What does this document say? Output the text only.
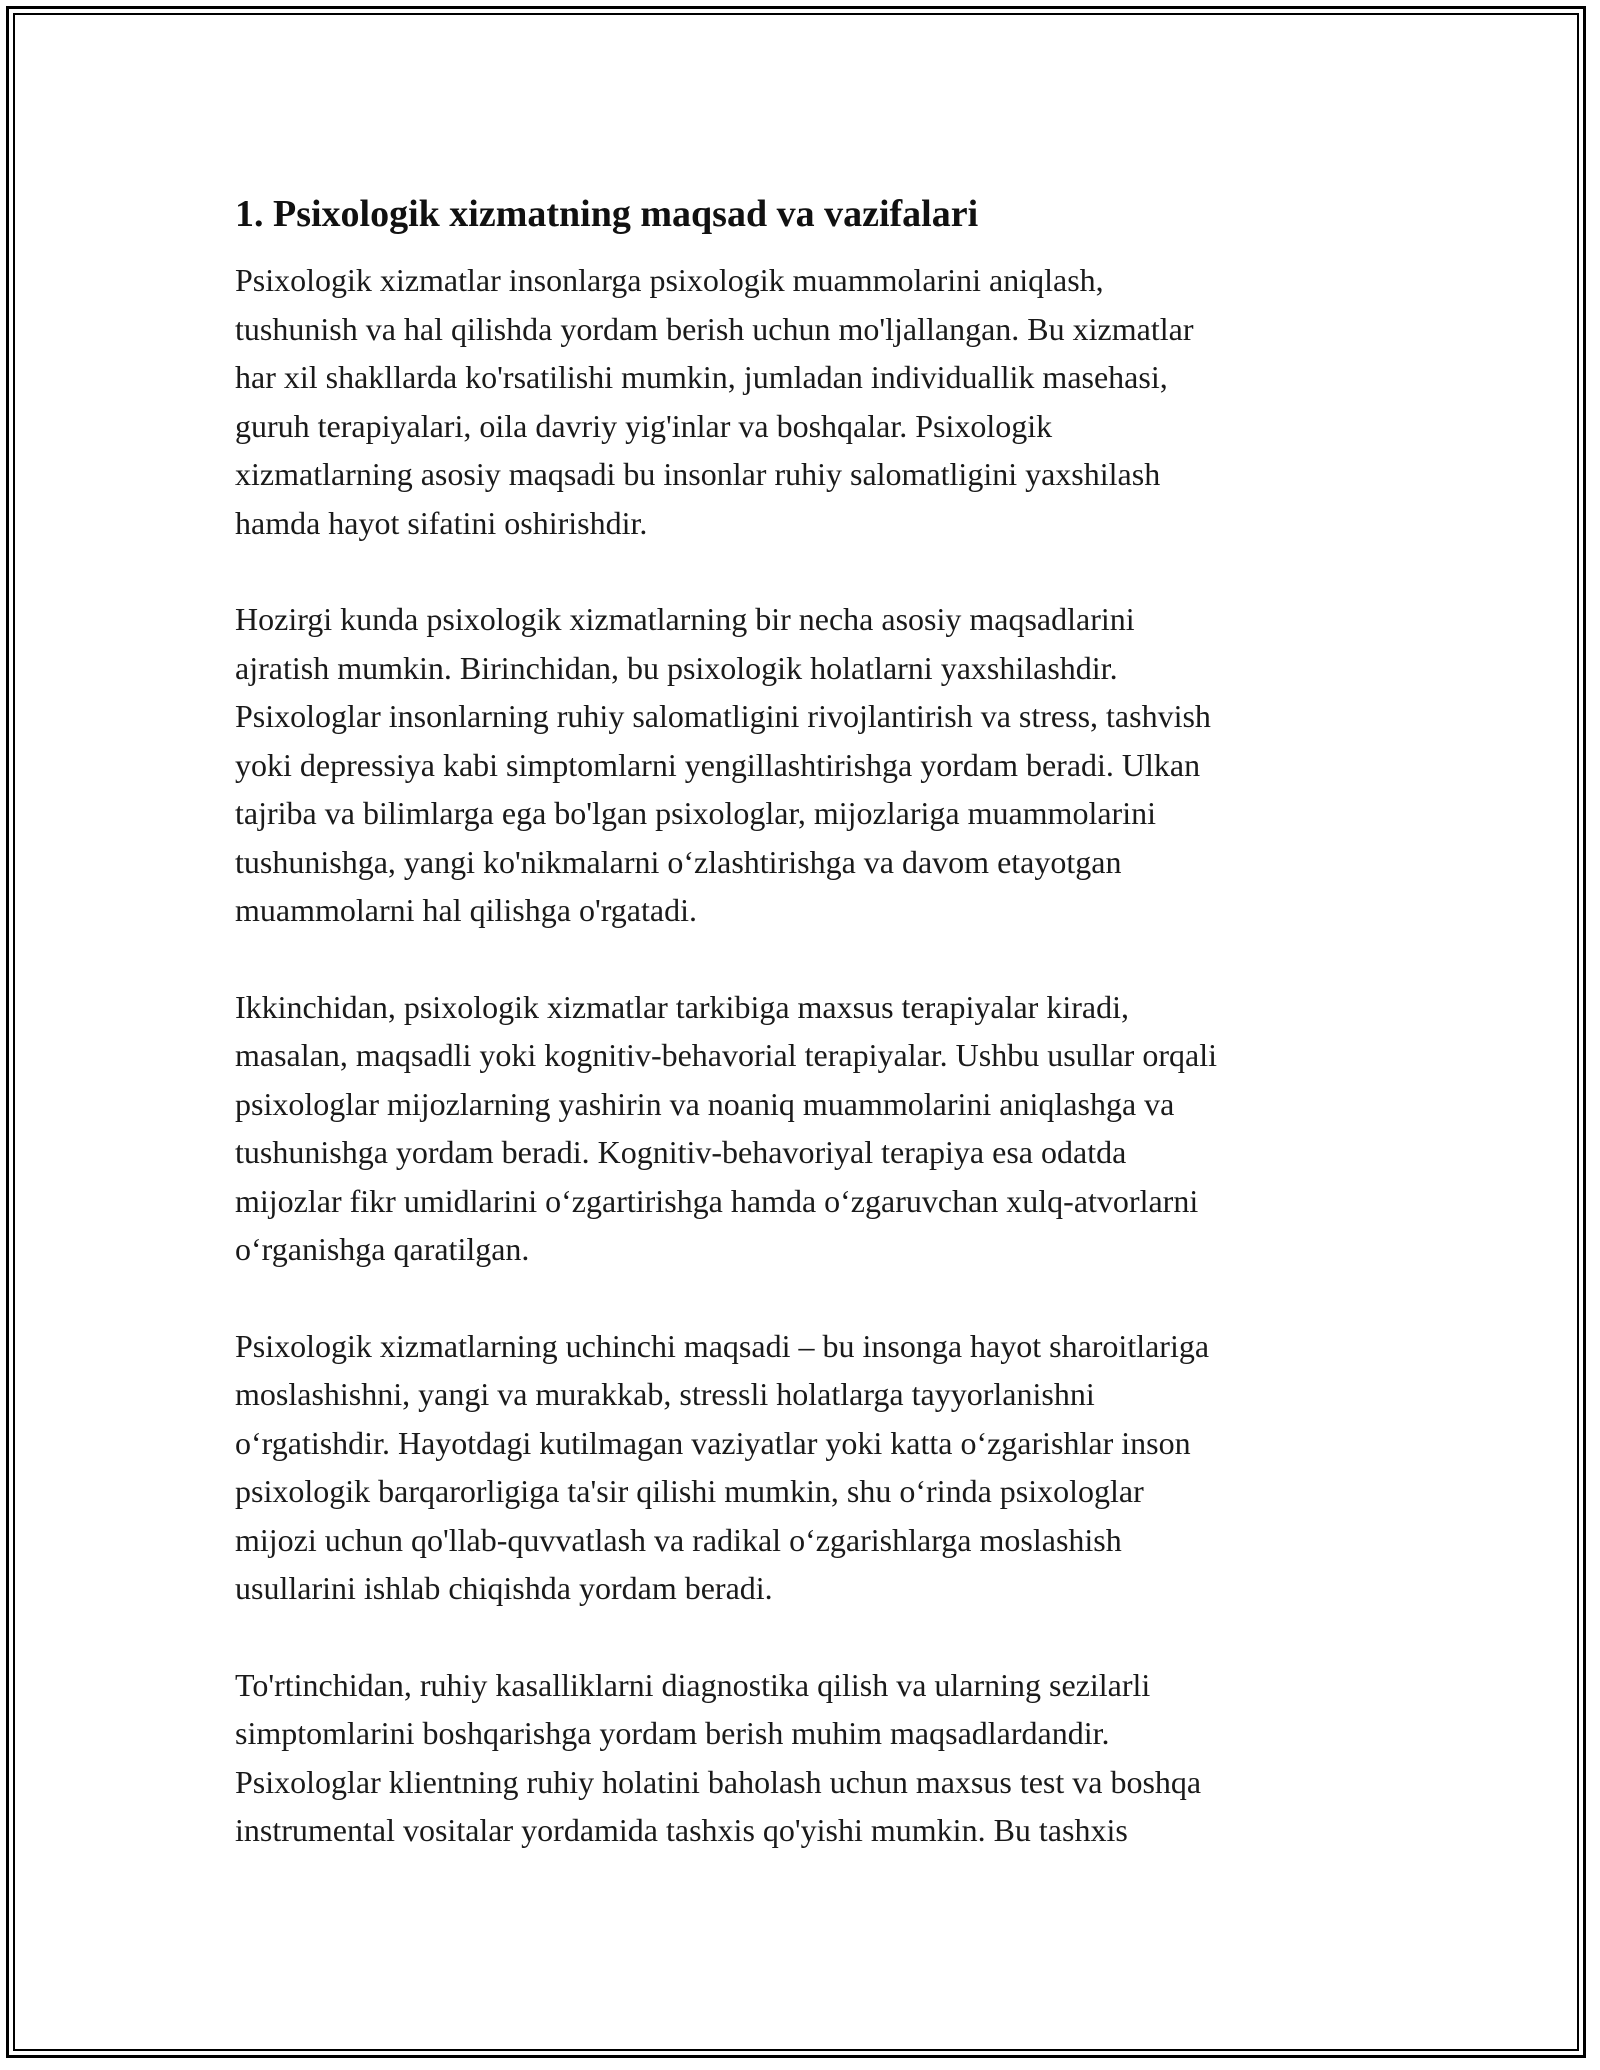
1. Psixologik xizmatning maqsad va vazifalari

Psixologik xizmatlar insonlarga psixologik muammolarini aniqlash,
tushunish va hal qilishda yordam berish uchun mo'ljallangan. Bu xizmatlar
har xil shakllarda ko'rsatilishi mumkin, jumladan individuallik masehasi,
guruh terapiyalari, oila davriy yig'inlar va boshqalar. Psixologik
xizmatlarning asosiy maqsadi bu insonlar ruhiy salomatligini yaxshilash
hamda hayot sifatini oshirishdir.

Hozirgi kunda psixologik xizmatlarning bir necha asosiy maqsadlarini
ajratish mumkin. Birinchidan, bu psixologik holatlarni yaxshilashdir.
Psixologlar insonlarning ruhiy salomatligini rivojlantirish va stress, tashvish
yoki depressiya kabi simptomlarni yengillashtirishga yordam beradi. Ulkan
tajriba va bilimlarga ega bo'lgan psixologlar, mijozlariga muammolarini
tushunishga, yangi ko'nikmalarni o‘zlashtirishga va davom etayotgan
muammolarni hal qilishga o'rgatadi.

Ikkinchidan, psixologik xizmatlar tarkibiga maxsus terapiyalar kiradi,
masalan, maqsadli yoki kognitiv-behavorial terapiyalar. Ushbu usullar orqali
psixologlar mijozlarning yashirin va noaniq muammolarini aniqlashga va
tushunishga yordam beradi. Kognitiv-behavoriyal terapiya esa odatda
mijozlar fikr umidlarini o‘zgartirishga hamda o‘zgaruvchan xulq-atvorlarni
o‘rganishga qaratilgan.

Psixologik xizmatlarning uchinchi maqsadi – bu insonga hayot sharoitlariga
moslashishni, yangi va murakkab, stressli holatlarga tayyorlanishni
o‘rgatishdir. Hayotdagi kutilmagan vaziyatlar yoki katta o‘zgarishlar inson
psixologik barqarorligiga ta'sir qilishi mumkin, shu o‘rinda psixologlar
mijozi uchun qo'llab-quvvatlash va radikal o‘zgarishlarga moslashish
usullarini ishlab chiqishda yordam beradi.

To'rtinchidan, ruhiy kasalliklarni diagnostika qilish va ularning sezilarli
simptomlarini boshqarishga yordam berish muhim maqsadlardandir.
Psixologlar klientning ruhiy holatini baholash uchun maxsus test va boshqa
instrumental vositalar yordamida tashxis qo'yishi mumkin. Bu tashxis
